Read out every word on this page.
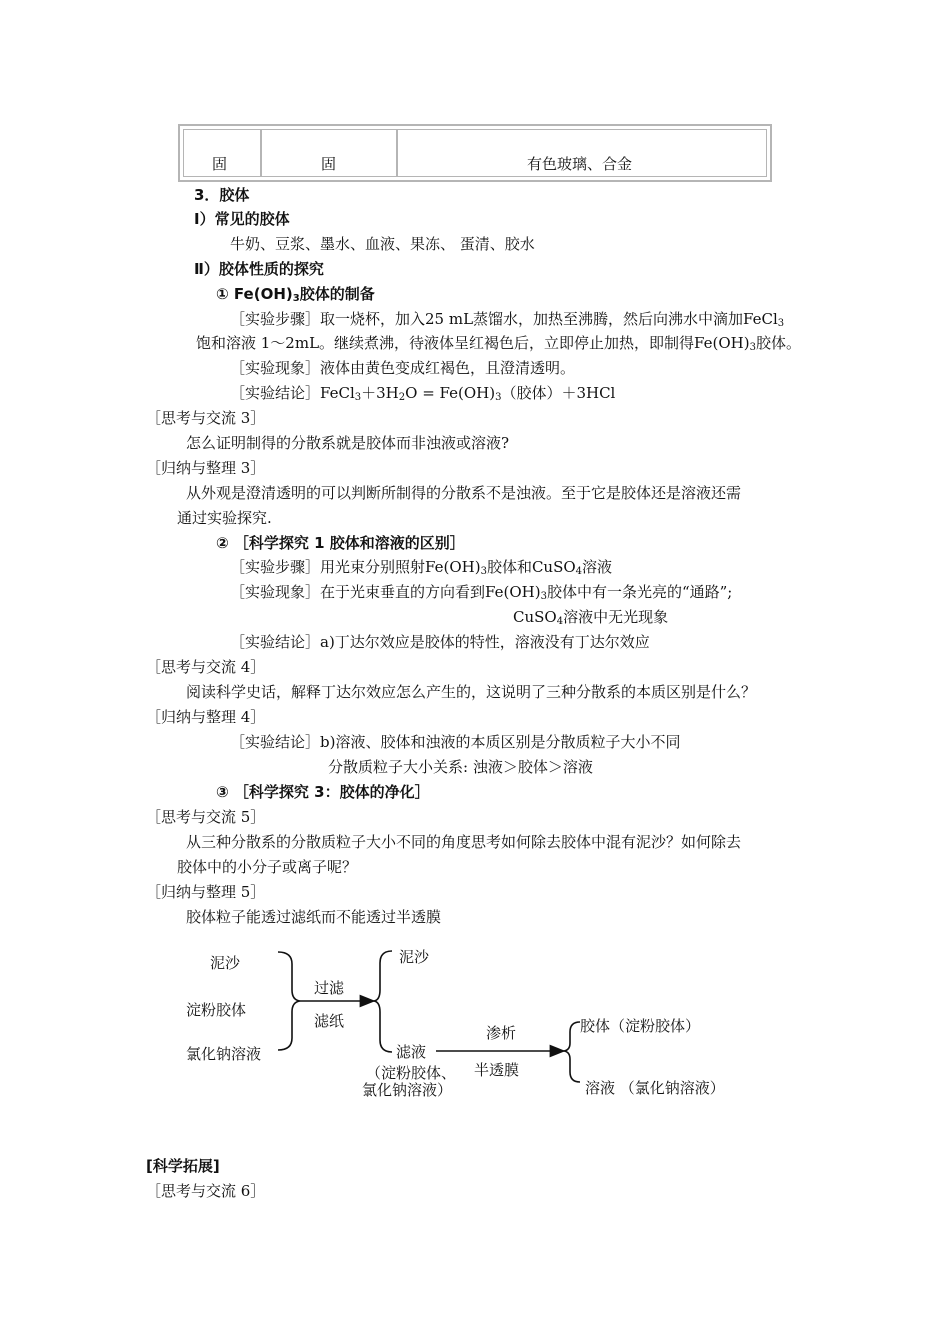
固	固	有色玻璃、合金
3．胶体
Ⅰ）常见的胶体
牛奶、豆浆、墨水、血液、果冻、 蛋清、胶水
Ⅱ）胶体性质的探究
① $Fe(OH)_3$胶体的制备
［实验步骤］取一烧杯，加入25 mL蒸馏水，加热至沸腾，然后向沸水中滴加FeCl$_3$
饱和溶液 1～2mL。继续煮沸，待液体呈红褐色后，立即停止加热，即制得$Fe(OH)_3$胶体。
［实验现象］液体由黄色变成红褐色，且澄清透明。
［实验结论$]FeCl_3+3H_2O = Fe(OH)_3$（胶体）＋3HCl
［思考与交流 3］
怎么证明制得的分散系就是胶体而非浊液或溶液?
［归纳与整理 3］
从外观是澄清透明的可以判断所制得的分散系不是浊液。至于它是胶体还是溶液还需
通过实验探究.
② ［科学探究 1 胶体和溶液的区别］
［实验步骤］用光束分别照射$Fe(OH)_3$胶体和CuSO$_4$溶液
［实验现象］在于光束垂直的方向看到$Fe(OH)_3$胶体中有一条光亮的“通路”;
CuSO$_4$溶液中无光现象
［实验结论］a)丁达尔效应是胶体的特性，溶液没有丁达尔效应
［思考与交流 4］
阅读科学史话，解释丁达尔效应怎么产生的，这说明了三种分散系的本质区别是什么？
［归纳与整理 4］
［实验结论］b)溶液、胶体和浊液的本质区别是分散质粒子大小不同
分散质粒子大小关系: 浊液＞胶体＞溶液
③ ［科学探究 3：胶体的净化］
［思考与交流 5］
从三种分散系的分散质粒子大小不同的角度思考如何除去胶体中混有泥沙？如何除去
胶体中的小分子或离子呢？
［归纳与整理 5］
胶体粒子能透过滤纸而不能透过半透膜
泥沙
淀粉胶体
氯化钠溶液
过滤
滤纸
泥沙
滤液
（淀粉胶体、
氯化钠溶液）
渗析
半透膜
胶体（淀粉胶体）
溶液 （氯化钠溶液）
[科学拓展]
［思考与交流 6］
